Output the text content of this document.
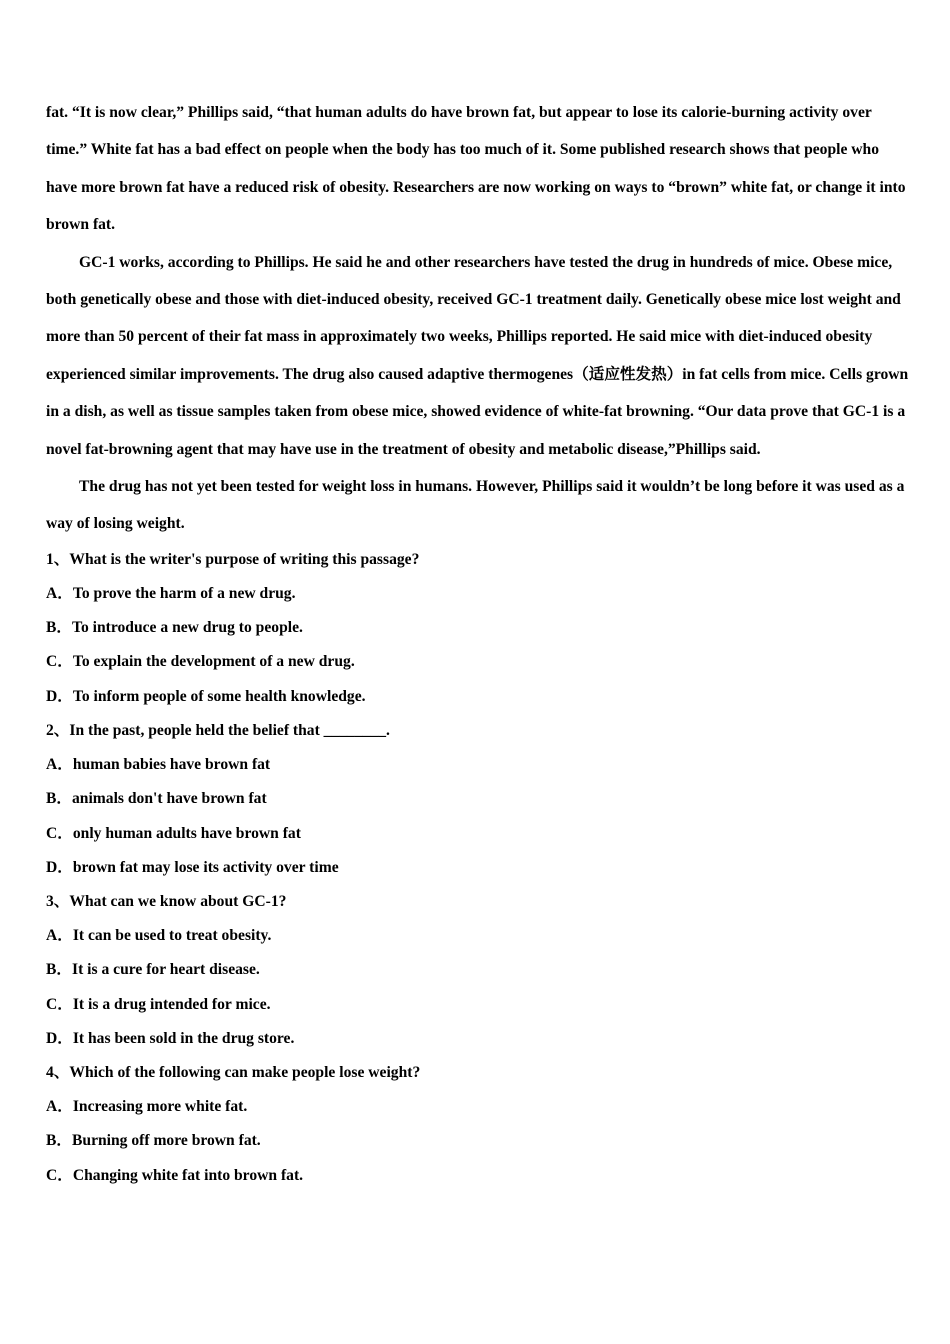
fat. “It is now clear,” Phillips said, “that human adults do have brown fat, but appear to lose its calorie-burning activity over time.” White fat has a bad effect on people when the body has too much of it. Some published research shows that people who have more brown fat have a reduced risk of obesity. Researchers are now working on ways to “brown” white fat, or change it into brown fat.

GC-1 works, according to Phillips. He said he and other researchers have tested the drug in hundreds of mice. Obese mice, both genetically obese and those with diet-induced obesity, received GC-1 treatment daily. Genetically obese mice lost weight and more than 50 percent of their fat mass in approximately two weeks, Phillips reported. He said mice with diet-induced obesity experienced similar improvements. The drug also caused adaptive thermogenes（适应性发热）in fat cells from mice. Cells grown in a dish, as well as tissue samples taken from obese mice, showed evidence of white-fat browning. “Our data prove that GC-1 is a novel fat-browning agent that may have use in the treatment of obesity and metabolic disease,”Phillips said.

The drug has not yet been tested for weight loss in humans. However, Phillips said it wouldn’t be long before it was used as a way of losing weight.

1、What is the writer's purpose of writing this passage?

A．To prove the harm of a new drug.

B．To introduce a new drug to people.

C．To explain the development of a new drug.

D．To inform people of some health knowledge.

2、In the past, people held the belief that ________.

A．human babies have brown fat

B．animals don't have brown fat

C．only human adults have brown fat

D．brown fat may lose its activity over time

3、What can we know about GC-1?

A．It can be used to treat obesity.

B．It is a cure for heart disease.

C．It is a drug intended for mice.

D．It has been sold in the drug store.

4、Which of the following can make people lose weight?

A．Increasing more white fat.

B．Burning off more brown fat.

C．Changing white fat into brown fat.
